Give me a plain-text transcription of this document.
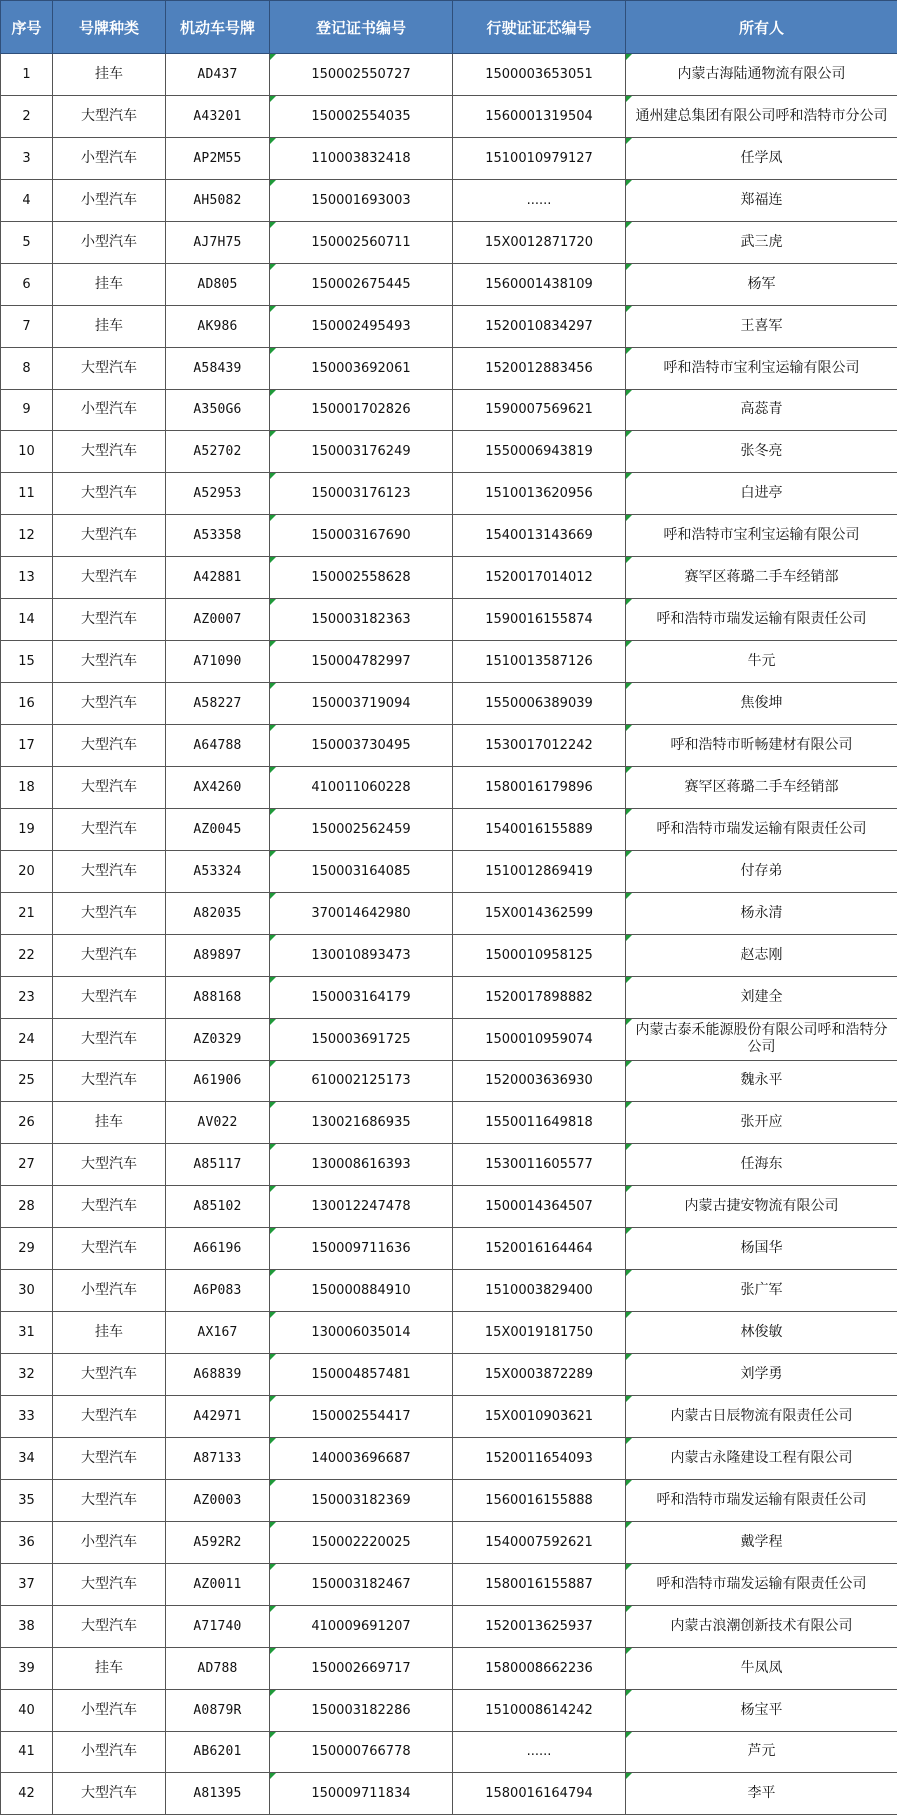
序号	号牌种类	机动车号牌	登记证书编号	行驶证证芯编号	所有人
1	挂车	AD437	150002550727	1500003653051	内蒙古海陆通物流有限公司
2	大型汽车	A43201	150002554035	1560001319504	通州建总集团有限公司呼和浩特市分公司
3	小型汽车	AP2M55	110003832418	1510010979127	任学凤
4	小型汽车	AH5082	150001693003	......	郑福连
5	小型汽车	AJ7H75	150002560711	15X0012871720	武三虎
6	挂车	AD805	150002675445	1560001438109	杨军
7	挂车	AK986	150002495493	1520010834297	王喜军
8	大型汽车	A58439	150003692061	1520012883456	呼和浩特市宝利宝运输有限公司
9	小型汽车	A350G6	150001702826	1590007569621	高蕊青
10	大型汽车	A52702	150003176249	1550006943819	张冬亮
11	大型汽车	A52953	150003176123	1510013620956	白进亭
12	大型汽车	A53358	150003167690	1540013143669	呼和浩特市宝利宝运输有限公司
13	大型汽车	A42881	150002558628	1520017014012	赛罕区蒋璐二手车经销部
14	大型汽车	AZ0007	150003182363	1590016155874	呼和浩特市瑞发运输有限责任公司
15	大型汽车	A71090	150004782997	1510013587126	牛元
16	大型汽车	A58227	150003719094	1550006389039	焦俊坤
17	大型汽车	A64788	150003730495	1530017012242	呼和浩特市昕畅建材有限公司
18	大型汽车	AX4260	410011060228	1580016179896	赛罕区蒋璐二手车经销部
19	大型汽车	AZ0045	150002562459	1540016155889	呼和浩特市瑞发运输有限责任公司
20	大型汽车	A53324	150003164085	1510012869419	付存弟
21	大型汽车	A82035	370014642980	15X0014362599	杨永清
22	大型汽车	A89897	130010893473	1500010958125	赵志刚
23	大型汽车	A88168	150003164179	1520017898882	刘建全
24	大型汽车	AZ0329	150003691725	1500010959074	内蒙古泰禾能源股份有限公司呼和浩特分公司
25	大型汽车	A61906	610002125173	1520003636930	魏永平
26	挂车	AV022	130021686935	1550011649818	张开应
27	大型汽车	A85117	130008616393	1530011605577	任海东
28	大型汽车	A85102	130012247478	1500014364507	内蒙古捷安物流有限公司
29	大型汽车	A66196	150009711636	1520016164464	杨国华
30	小型汽车	A6P083	150000884910	1510003829400	张广军
31	挂车	AX167	130006035014	15X0019181750	林俊敏
32	大型汽车	A68839	150004857481	15X0003872289	刘学勇
33	大型汽车	A42971	150002554417	15X0010903621	内蒙古日辰物流有限责任公司
34	大型汽车	A87133	140003696687	1520011654093	内蒙古永隆建设工程有限公司
35	大型汽车	AZ0003	150003182369	1560016155888	呼和浩特市瑞发运输有限责任公司
36	小型汽车	A592R2	150002220025	1540007592621	戴学程
37	大型汽车	AZ0011	150003182467	1580016155887	呼和浩特市瑞发运输有限责任公司
38	大型汽车	A71740	410009691207	1520013625937	内蒙古浪潮创新技术有限公司
39	挂车	AD788	150002669717	1580008662236	牛凤凤
40	小型汽车	A0879R	150003182286	1510008614242	杨宝平
41	小型汽车	AB6201	150000766778	......	芦元
42	大型汽车	A81395	150009711834	1580016164794	李平
